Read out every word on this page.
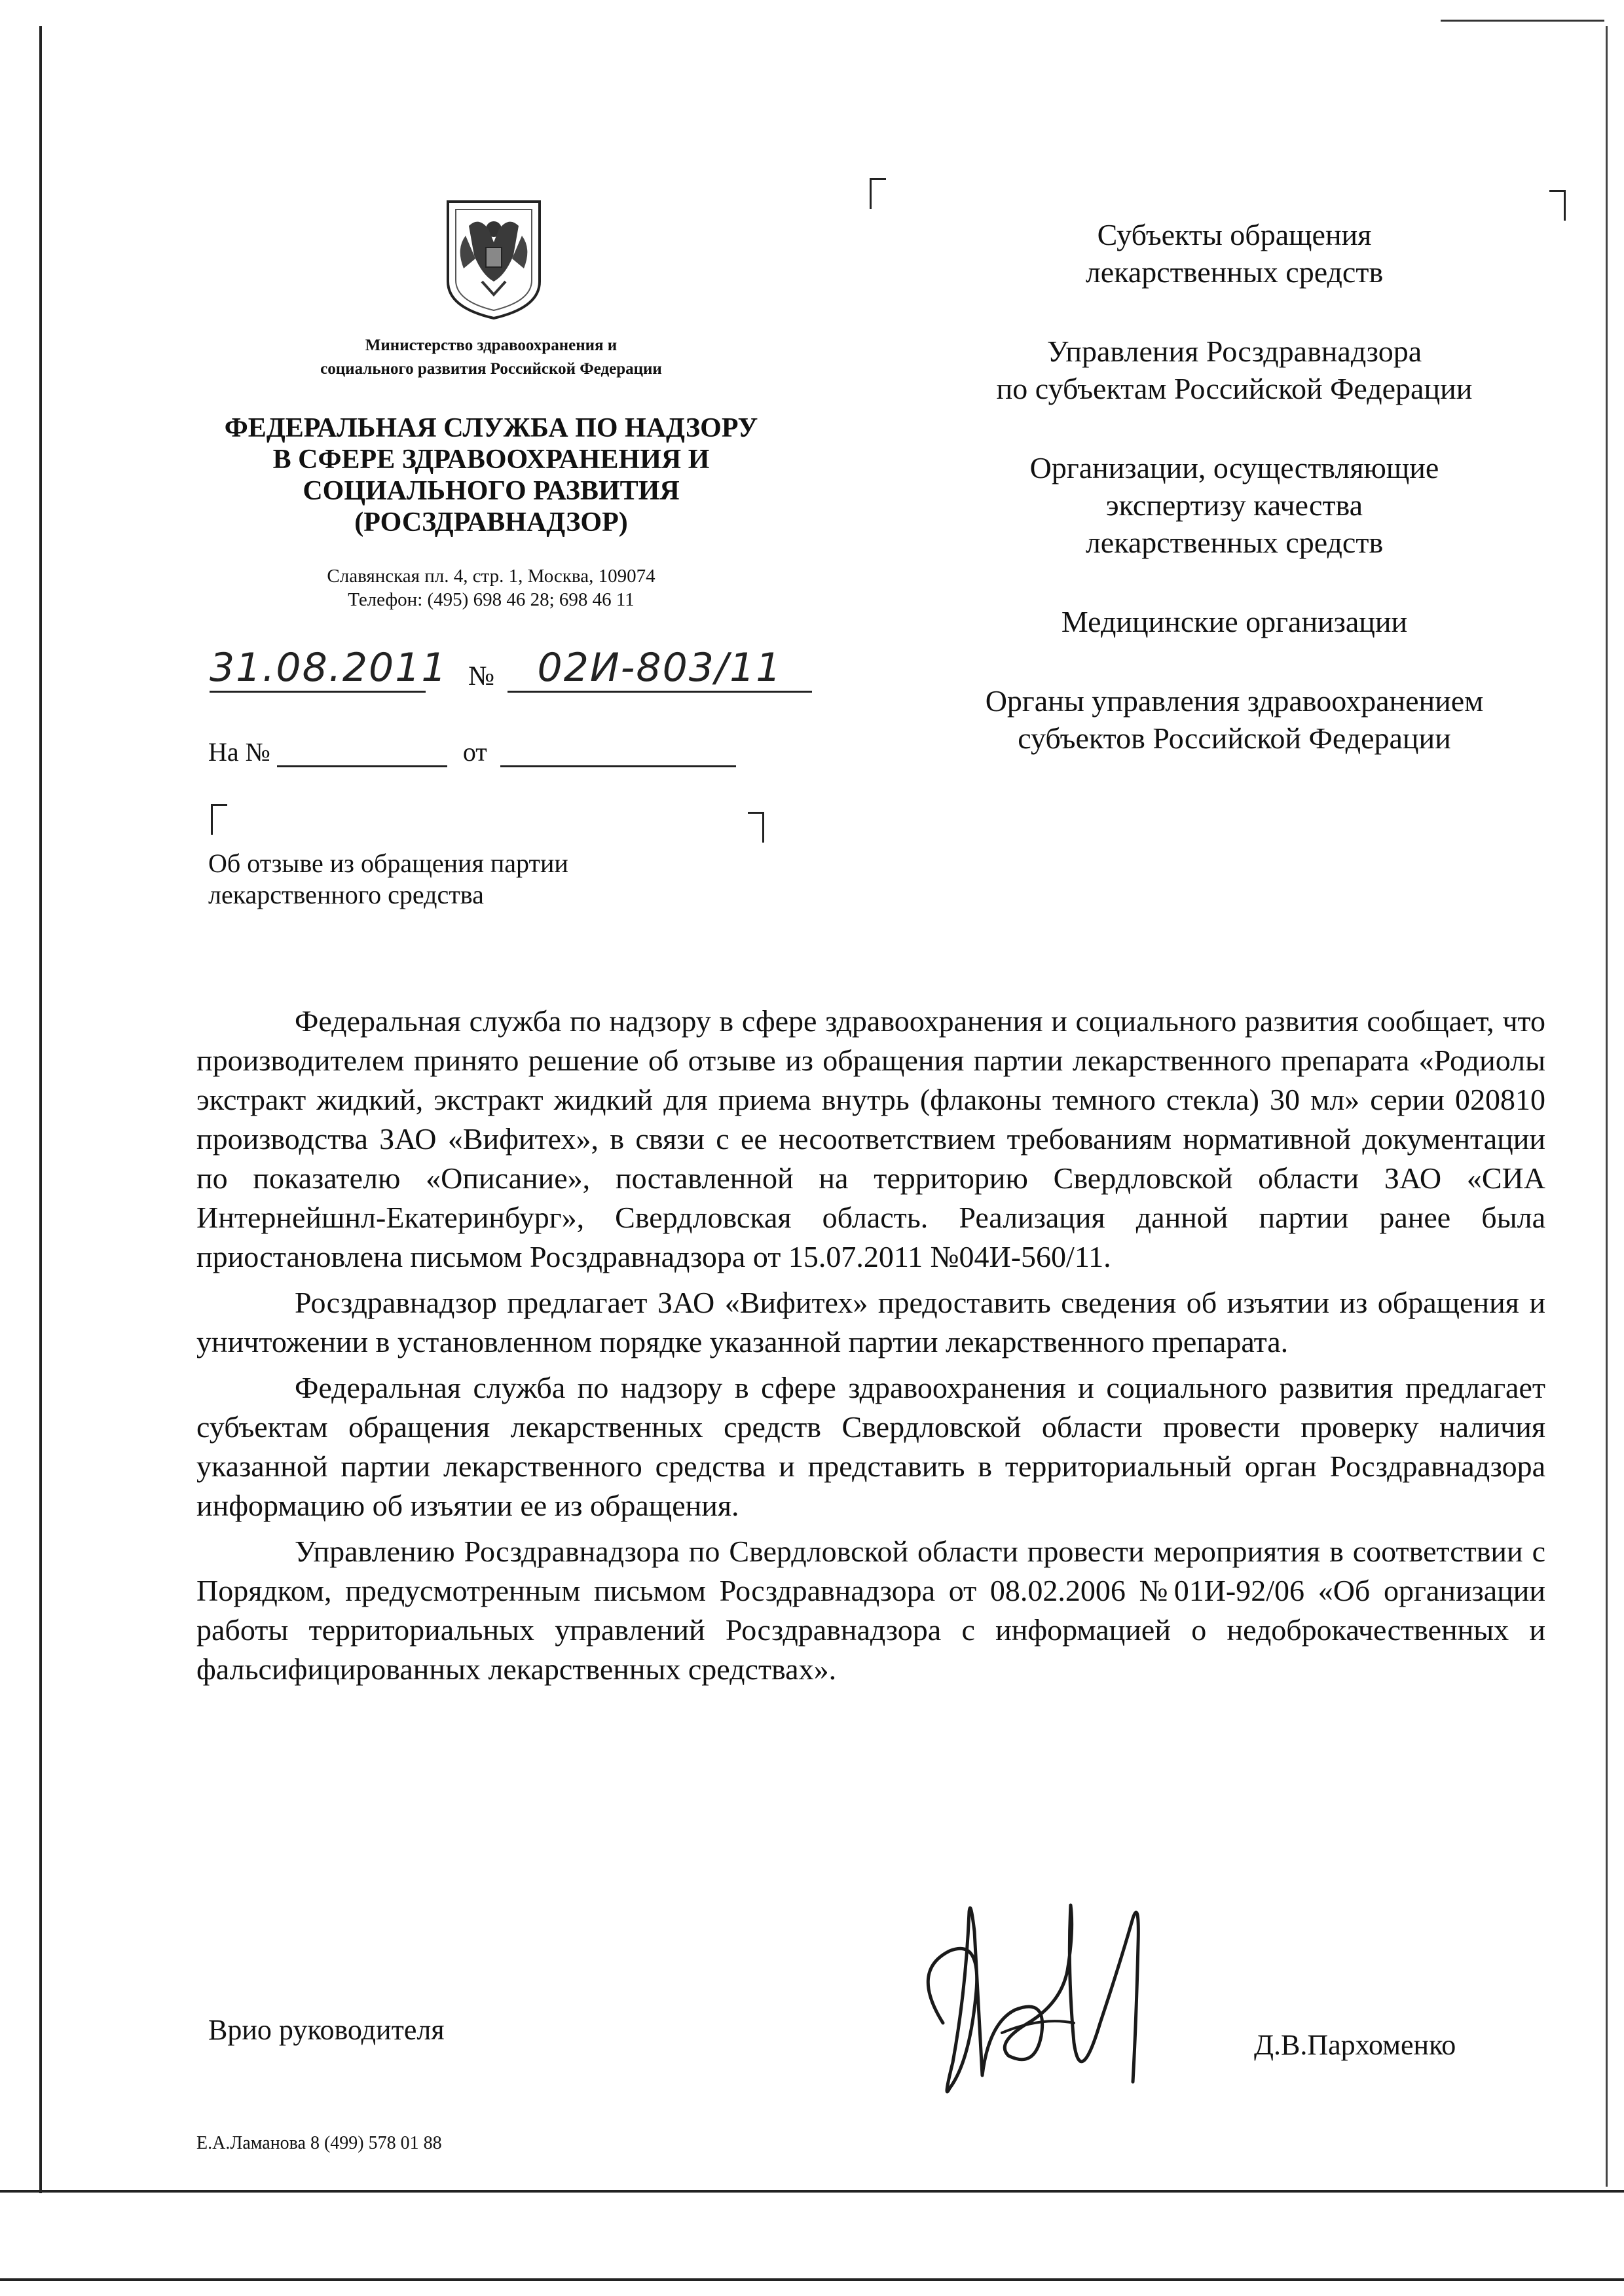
Министерство здравоохранения и
социального развития Российской Федерации
ФЕДЕРАЛЬНАЯ СЛУЖБА ПО НАДЗОРУ
В СФЕРЕ ЗДРАВООХРАНЕНИЯ И
СОЦИАЛЬНОГО РАЗВИТИЯ
(РОСЗДРАВНАДЗОР)
Славянская пл. 4, стр. 1, Москва, 109074
Телефон: (495) 698 46 28; 698 46 11
31.08.2011 №	02И-803/11
На №	от
Об отзыве из обращения партии
лекарственного средства
Субъекты обращения
лекарственных средств
Управления Росздравнадзора
по субъектам Российской Федерации
Организации, осуществляющие
экспертизу качества
лекарственных средств
Медицинские организации
Органы управления здравоохранением
субъектов Российской Федерации

Федеральная служба по надзору в сфере здравоохранения и социального развития сообщает, что производителем принято решение об отзыве из обращения партии лекарственного препарата «Родиолы экстракт жидкий, экстракт жидкий для приема внутрь (флаконы темного стекла) 30 мл» серии 020810 производства ЗАО «Вифитех», в связи с ее несоответствием требованиям нормативной документации по показателю «Описание», поставленной на территорию Свердловской области ЗАО «СИА Интернейшнл-Екатеринбург», Свердловская область. Реализация данной партии ранее была приостановлена письмом Росздравнадзора от 15.07.2011 №04И-560/11.

Росздравнадзор предлагает ЗАО «Вифитех» предоставить сведения об изъятии из обращения и уничтожении в установленном порядке указанной партии лекарственного препарата.

Федеральная служба по надзору в сфере здравоохранения и социального развития предлагает субъектам обращения лекарственных средств Свердловской области провести проверку наличия указанной партии лекарственного средства и представить в территориальный орган Росздравнадзора информацию об изъятии ее из обращения.

Управлению Росздравнадзора по Свердловской области провести мероприятия в соответствии с Порядком, предусмотренным письмом Росздравнадзора от 08.02.2006 №01И-92/06 «Об организации работы территориальных управлений Росздравнадзора с информацией о недоброкачественных и фальсифицированных лекарственных средствах».

Врио руководителя	Д.В.Пархоменко
Е.А.Ламанова 8 (499) 578 01 88
